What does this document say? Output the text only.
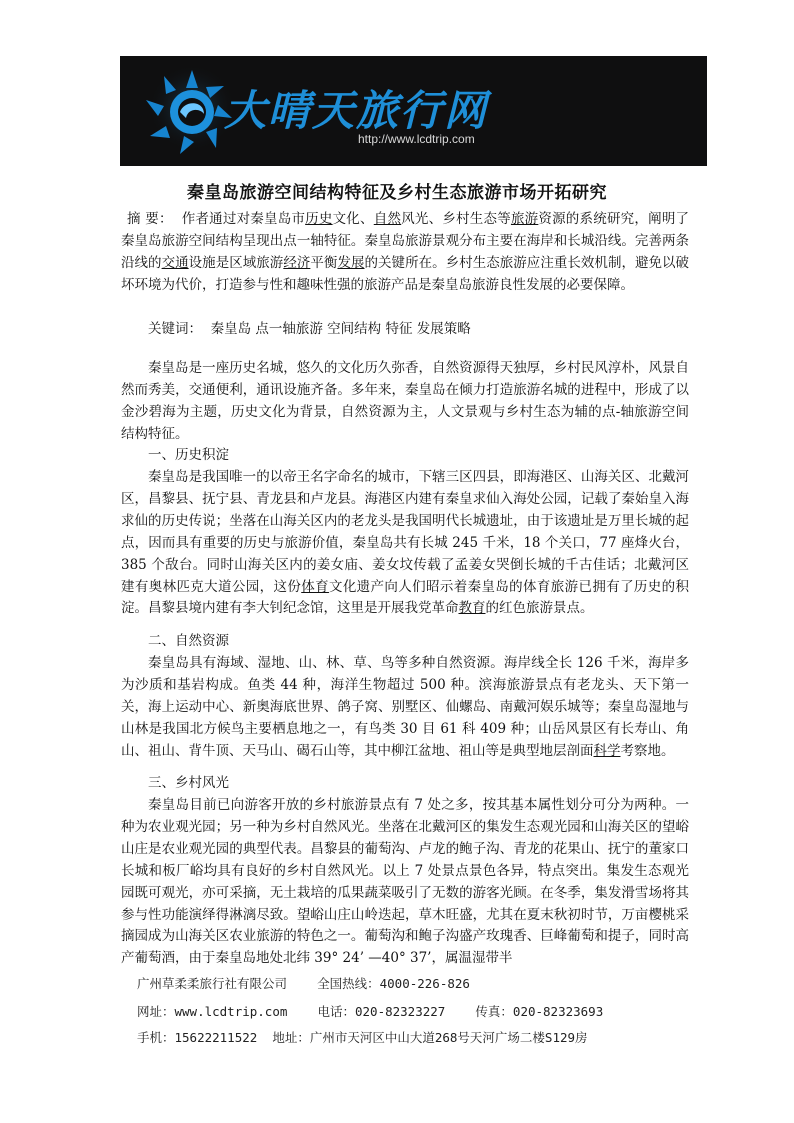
大晴天旅行网
http://www.lcdtrip.com
秦皇岛旅游空间结构特征及乡村生态旅游市场开拓研究

摘 要： 作者通过对秦皇岛市历史文化、自然风光、乡村生态等旅游资源的系统研究，阐明了秦皇岛旅游空间结构呈现出点一轴特征。秦皇岛旅游景观分布主要在海岸和长城沿线。完善两条沿线的交通设施是区域旅游经济平衡发展的关键所在。乡村生态旅游应注重长效机制，避免以破坏环境为代价，打造参与性和趣味性强的旅游产品是秦皇岛旅游良性发展的必要保障。

关键词： 秦皇岛 点一轴旅游 空间结构 特征 发展策略

秦皇岛是一座历史名城，悠久的文化历久弥香，自然资源得天独厚，乡村民风淳朴，风景自然而秀美，交通便利，通讯设施齐备。多年来，秦皇岛在倾力打造旅游名城的进程中，形成了以金沙碧海为主题，历史文化为背景，自然资源为主，人文景观与乡村生态为辅的点-轴旅游空间结构特征。

一、历史积淀

秦皇岛是我国唯一的以帝王名字命名的城市，下辖三区四县，即海港区、山海关区、北戴河区，昌黎县、抚宁县、青龙县和卢龙县。海港区内建有秦皇求仙入海处公园，记载了秦始皇入海求仙的历史传说；坐落在山海关区内的老龙头是我国明代长城遗址，由于该遗址是万里长城的起点，因而具有重要的历史与旅游价值，秦皇岛共有长城 245 千米，18 个关口，77 座烽火台，385 个敌台。同时山海关区内的姜女庙、姜女坟传载了孟姜女哭倒长城的千古佳话；北戴河区建有奥林匹克大道公园，这份体育文化遗产向人们昭示着秦皇岛的体育旅游已拥有了历史的积淀。昌黎县境内建有李大钊纪念馆，这里是开展我党革命教育的红色旅游景点。

二、自然资源

秦皇岛具有海域、湿地、山、林、草、鸟等多种自然资源。海岸线全长 126 千米，海岸多为沙质和基岩构成。鱼类 44 种，海洋生物超过 500 种。滨海旅游景点有老龙头、天下第一关，海上运动中心、新奥海底世界、鸽子窝、别墅区、仙螺岛、南戴河娱乐城等；秦皇岛湿地与山林是我国北方候鸟主要栖息地之一，有鸟类 30 目 61 科 409 种；山岳风景区有长寿山、角山、祖山、背牛顶、天马山、碣石山等，其中柳江盆地、祖山等是典型地层剖面科学考察地。

三、乡村风光

秦皇岛目前已向游客开放的乡村旅游景点有 7 处之多，按其基本属性划分可分为两种。一种为农业观光园；另一种为乡村自然风光。坐落在北戴河区的集发生态观光园和山海关区的望峪山庄是农业观光园的典型代表。昌黎县的葡萄沟、卢龙的鲍子沟、青龙的花果山、抚宁的董家口长城和板厂峪均具有良好的乡村自然风光。以上 7 处景点景色各异，特点突出。集发生态观光园既可观光，亦可采摘，无土栽培的瓜果蔬菜吸引了无数的游客光顾。在冬季，集发滑雪场将其参与性功能演绎得淋漓尽致。望峪山庄山岭迭起，草木旺盛，尤其在夏末秋初时节，万亩樱桃采摘园成为山海关区农业旅游的特色之一。葡萄沟和鲍子沟盛产玫瑰香、巨峰葡萄和提子，同时高产葡萄酒，由于秦皇岛地处北纬 39° 24’ —40° 37’，属温湿带半

广州草柔柔旅行社有限公司 全国热线：4000-226-826
网址：www.lcdtrip.com 电话：020-82323227 传真：020-82323693
手机：15622211522 地址：广州市天河区中山大道268号天河广场二楼S129房
